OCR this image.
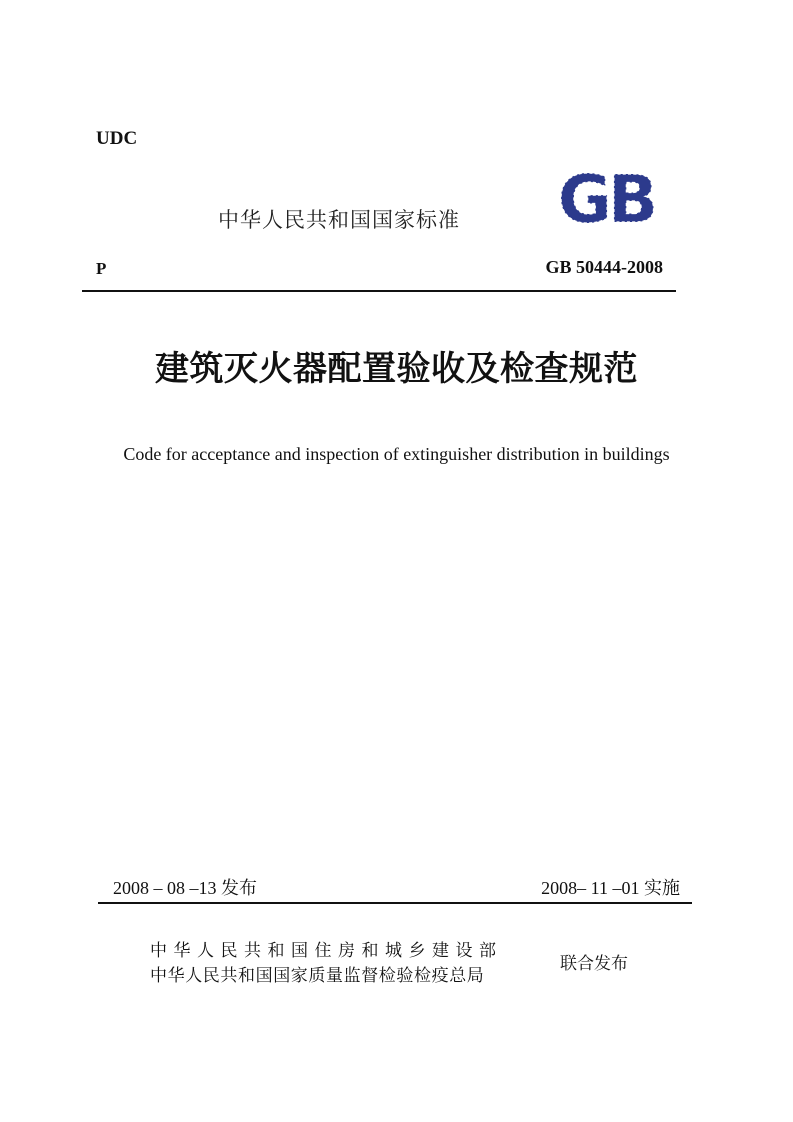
UDC
中华人民共和国国家标准 GB
P	GB 50444-2008
建筑灭火器配置验收及检查规范
Code for acceptance and inspection of extinguisher distribution in buildings
2008 – 08 –13 发布	2008– 11 –01 实施
中华人民共和国住房和城乡建设部
中华人民共和国国家质量监督检验检疫总局
联合发布
